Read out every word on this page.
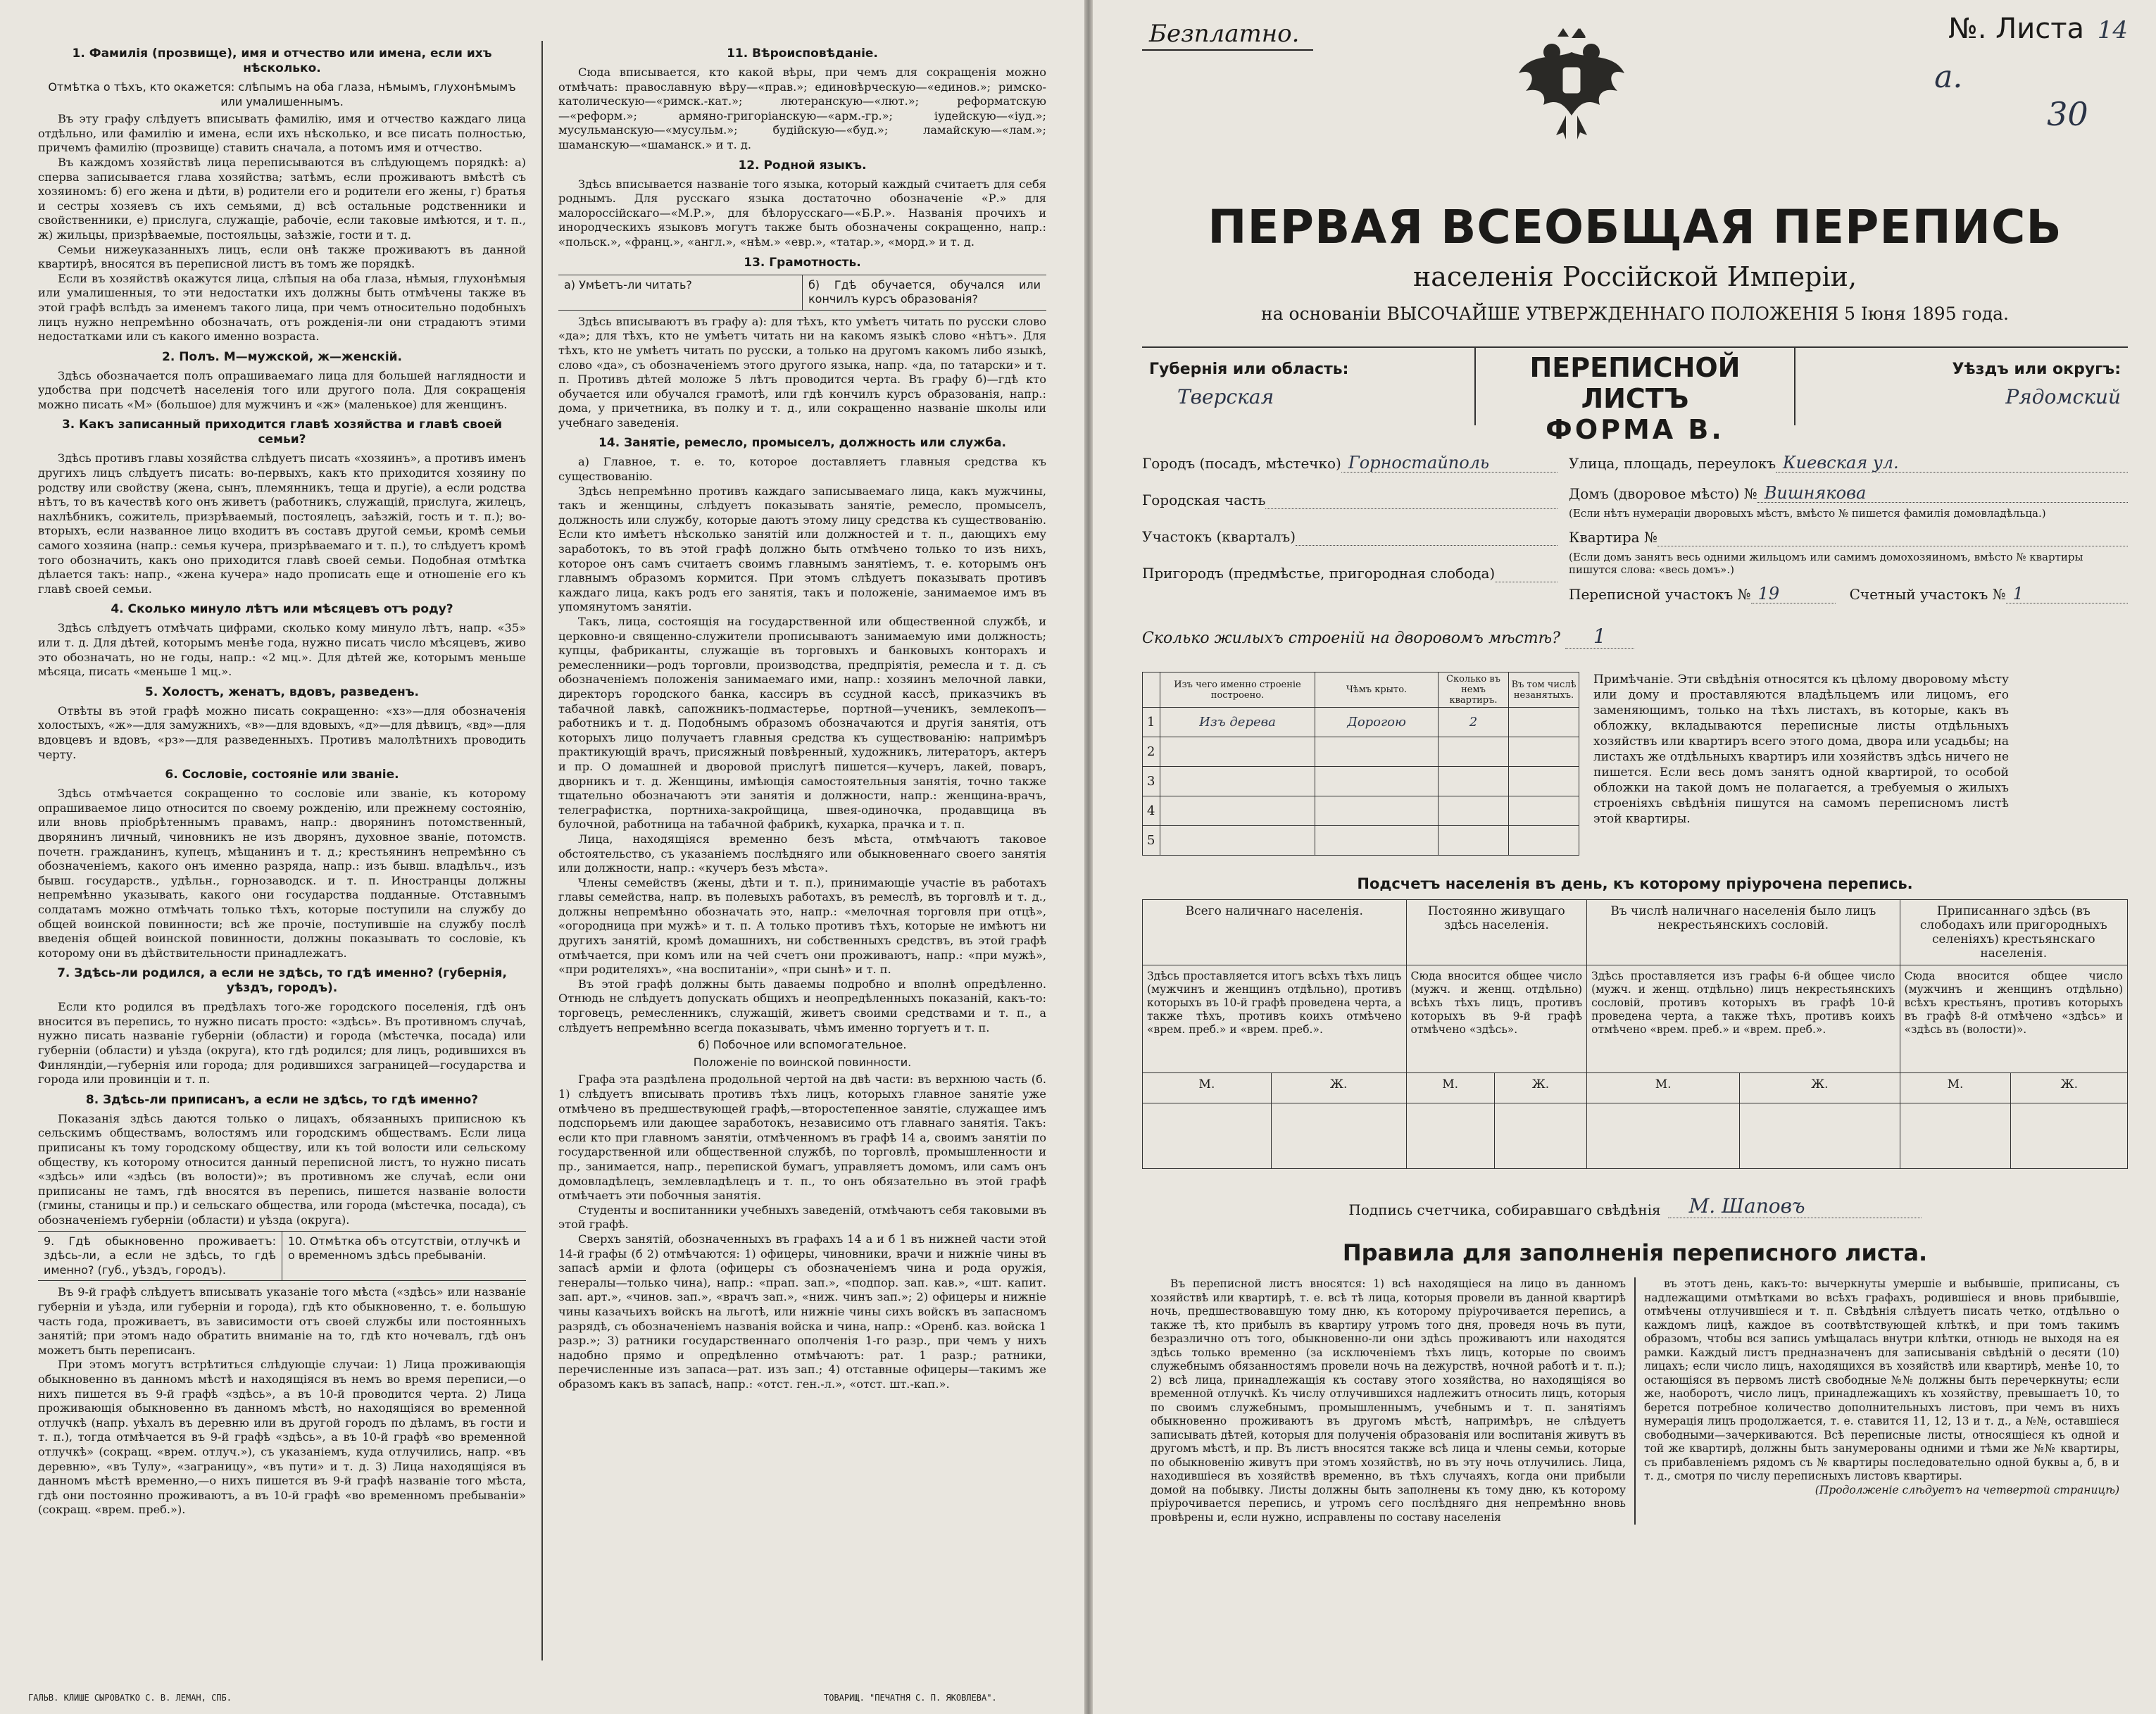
1. Фамилія (прозвище), имя и отчество или имена, если ихъ нѣсколько.
Отмѣтка о тѣхъ, кто окажется: слѣпымъ на оба глаза, нѣмымъ, глухонѣмымъ или умалишеннымъ.

Въ эту графу слѣдуетъ вписывать фамилію, имя и отчество каждаго лица отдѣльно, или фамилію и имена, если ихъ нѣсколько, и все писать полностью, причемъ фамилію (прозвище) ставить сначала, а потомъ имя и отчество.

Въ каждомъ хозяйствѣ лица переписываются въ слѣдующемъ порядкѣ: а) сперва записывается глава хозяйства; затѣмъ, если проживаютъ вмѣстѣ съ хозяиномъ: б) его жена и дѣти, в) родители его и родители его жены, г) братья и сестры хозяевъ съ ихъ семьями, д) всѣ остальные родственники и свойственники, е) прислуга, служащіе, рабочіе, если таковые имѣются, и т. п., ж) жильцы, призрѣваемые, постояльцы, заѣзжіе, гости и т. д.

Семьи нижеуказанныхъ лицъ, если онѣ также проживаютъ въ данной квартирѣ, вносятся въ переписной листъ въ томъ же порядкѣ.

Если въ хозяйствѣ окажутся лица, слѣпыя на оба глаза, нѣмыя, глухонѣмыя или умалишенныя, то эти недостатки ихъ должны быть отмѣчены также въ этой графѣ вслѣдъ за именемъ такого лица, при чемъ относительно подобныхъ лицъ нужно непремѣнно обозначать, отъ рожденія-ли они страдаютъ этими недостатками или съ какого именно возраста.

2. Полъ. М—мужской, ж—женскій.

Здѣсь обозначается полъ опрашиваемаго лица для большей наглядности и удобства при подсчетѣ населенія того или другого пола. Для сокращенія можно писать «М» (большое) для мужчинъ и «ж» (маленькое) для женщинъ.

3. Какъ записанный приходится главѣ хозяйства и главѣ своей семьи?

Здѣсь противъ главы хозяйства слѣдуетъ писать «хозяинъ», а противъ именъ другихъ лицъ слѣдуетъ писать: во-первыхъ, какъ кто приходится хозяину по родству или свойству (жена, сынъ, племянникъ, теща и другіе), а если родства нѣтъ, то въ качествѣ кого онъ живетъ (работникъ, служащій, прислуга, жилецъ, нахлѣбникъ, сожитель, призрѣваемый, постоялецъ, заѣзжій, гость и т. п.); во-вторыхъ, если названное лицо входитъ въ составъ другой семьи, кромѣ семьи самого хозяина (напр.: семья кучера, призрѣваемаго и т. п.), то слѣдуетъ кромѣ того обозначить, какъ оно приходится главѣ своей семьи. Подобная отмѣтка дѣлается такъ: напр., «жена кучера» надо прописать еще и отношеніе его къ главѣ своей семьи.

4. Сколько минуло лѣтъ или мѣсяцевъ отъ роду?

Здѣсь слѣдуетъ отмѣчать цифрами, сколько кому минуло лѣтъ, напр. «35» или т. д. Для дѣтей, которымъ менѣе года, нужно писать число мѣсяцевъ, живо это обозначать, но не годы, напр.: «2 мц.». Для дѣтей же, которымъ меньше мѣсяца, писать «меньше 1 мц.».

5. Холостъ, женатъ, вдовъ, разведенъ.

Отвѣты въ этой графѣ можно писать сокращенно: «хз»—для обозначенія холостыхъ, «ж»—для замужнихъ, «в»—для вдовыхъ, «д»—для дѣвицъ, «вд»—для вдовцевъ и вдовъ, «рз»—для разведенныхъ. Противъ малолѣтнихъ проводить черту.

6. Сословіе, состояніе или званіе.

Здѣсь отмѣчается сокращенно то сословіе или званіе, къ которому опрашиваемое лицо относится по своему рожденію, или прежнему состоянію, или вновь пріобрѣтеннымъ правамъ, напр.: дворянинъ потомственный, дворянинъ личный, чиновникъ не изъ дворянъ, духовное званіе, потомств. почетн. гражданинъ, купецъ, мѣщанинъ и т. д.; крестьянинъ непремѣнно съ обозначеніемъ, какого онъ именно разряда, напр.: изъ бывш. владѣльч., изъ бывш. государств., удѣльн., горнозаводск. и т. п. Иностранцы должны непремѣнно указывать, какого они государства подданные. Отставнымъ солдатамъ можно отмѣчать только тѣхъ, которые поступили на службу до общей воинской повинности; всѣ же прочіе, поступившіе на службу послѣ введенія общей воинской повинности, должны показывать то сословіе, къ которому они въ дѣйствительности принадлежатъ.

7. Здѣсь-ли родился, а если не здѣсь, то гдѣ именно? (губернія, уѣздъ, городъ).

Если кто родился въ предѣлахъ того-же городского поселенія, гдѣ онъ вносится въ перепись, то нужно писать просто: «здѣсь». Въ противномъ случаѣ, нужно писать названіе губерніи (области) и города (мѣстечка, посада) или губерніи (области) и уѣзда (округа), кто гдѣ родился; для лицъ, родившихся въ Финляндіи,—губернія или города; для родившихся заграницей—государства и города или провинціи и т. п.

8. Здѣсь-ли приписанъ, а если не здѣсь, то гдѣ именно?

Показанія здѣсь даются только о лицахъ, обязанныхъ приписною къ сельскимъ обществамъ, волостямъ или городскимъ обществамъ. Если лица приписаны къ тому городскому обществу, или къ той волости или сельскому обществу, къ которому относится данный переписной листъ, то нужно писать «здѣсь» или «здѣсь (въ волости)»; въ противномъ же случаѣ, если они приписаны не тамъ, гдѣ вносятся въ перепись, пишется названіе волости (гмины, станицы и пр.) и сельскаго общества, или города (мѣстечка, посада), съ обозначеніемъ губерніи (области) и уѣзда (округа).

9. Гдѣ обыкновенно проживаетъ: здѣсь-ли, а если не здѣсь, то гдѣ именно? (губ., уѣздъ, городъ).
10. Отмѣтка объ отсутствіи, отлучкѣ и о временномъ здѣсь пребываніи.

Въ 9-й графѣ слѣдуетъ вписывать указаніе того мѣста («здѣсь» или названіе губерніи и уѣзда, или губерніи и города), гдѣ кто обыкновенно, т. е. большую часть года, проживаетъ, въ зависимости отъ своей службы или постоянныхъ занятій; при этомъ надо обратить вниманіе на то, гдѣ кто ночевалъ, гдѣ онъ можетъ быть переписанъ.

При этомъ могутъ встрѣтиться слѣдующіе случаи: 1) Лица проживающія обыкновенно въ данномъ мѣстѣ и находящіяся въ немъ во время переписи,—о нихъ пишется въ 9-й графѣ «здѣсь», а въ 10-й проводится черта. 2) Лица проживающія обыкновенно въ данномъ мѣстѣ, но находящіяся во временной отлучкѣ (напр. уѣхалъ въ деревню или въ другой городъ по дѣламъ, въ гости и т. п.), тогда отмѣчается въ 9-й графѣ «здѣсь», а въ 10-й графѣ «во временной отлучкѣ» (сокращ. «врем. отлуч.»), съ указаніемъ, куда отлучились, напр. «въ деревню», «въ Тулу», «заграницу», «въ пути» и т. д. 3) Лица находящіяся въ данномъ мѣстѣ временно,—о нихъ пишется въ 9-й графѣ названіе того мѣста, гдѣ они постоянно проживаютъ, а въ 10-й графѣ «во временномъ пребываніи» (сокращ. «врем. преб.»).

11. Вѣроисповѣданіе.

Сюда вписывается, кто какой вѣры, при чемъ для сокращенія можно отмѣчать: православную вѣру—«прав.»; единовѣрческую—«единов.»; римско-католическую—«римск.-кат.»; лютеранскую—«лют.»; реформатскую—«реформ.»; армяно-григоріанскую—«арм.-гр.»; іудейскую—«іуд.»; мусульманскую—«мусульм.»; будійскую—«буд.»; ламайскую—«лам.»; шаманскую—«шаманск.» и т. д.

12. Родной языкъ.

Здѣсь вписывается названіе того языка, который каждый считаетъ для себя роднымъ. Для русскаго языка достаточно обозначеніе «Р.» для малороссійскаго—«М.Р.», для бѣлорусскаго—«Б.Р.». Названія прочихъ и инородческихъ языковъ могутъ также быть обозначены сокращенно, напр.: «польск.», «франц.», «англ.», «нѣм.» «евр.», «татар.», «морд.» и т. д.

13. Грамотность.
а) Умѣетъ-ли читать?	б) Гдѣ обучается, обучался или кончилъ курсъ образованія?

Здѣсь вписываютъ въ графу а): для тѣхъ, кто умѣетъ читать по русски слово «да»; для тѣхъ, кто не умѣетъ читать ни на какомъ языкѣ слово «нѣтъ». Для тѣхъ, кто не умѣетъ читать по русски, а только на другомъ какомъ либо языкѣ, слово «да», съ обозначеніемъ этого другого языка, напр. «да, по татарски» и т. п. Противъ дѣтей моложе 5 лѣтъ проводится черта. Въ графу б)—гдѣ кто обучается или обучался грамотѣ, или гдѣ кончилъ курсъ образованія, напр.: дома, у причетника, въ полку и т. д., или сокращенно названіе школы или учебнаго заведенія.

14. Занятіе, ремесло, промыселъ, должность или служба.

а) Главное, т. е. то, которое доставляетъ главныя средства къ существованію.

Здѣсь непремѣнно противъ каждаго записываемаго лица, какъ мужчины, такъ и женщины, слѣдуетъ показывать занятіе, ремесло, промыселъ, должность или службу, которые даютъ этому лицу средства къ существованію. Если кто имѣетъ нѣсколько занятій или должностей и т. п., дающихъ ему заработокъ, то въ этой графѣ должно быть отмѣчено только то изъ нихъ, которое онъ самъ считаетъ своимъ главнымъ занятіемъ, т. е. которымъ онъ главнымъ образомъ кормится. При этомъ слѣдуетъ показывать противъ каждаго лица, какъ родъ его занятія, такъ и положеніе, занимаемое имъ въ упомянутомъ занятіи.

Такъ, лица, состоящія на государственной или общественной службѣ, и церковно-и священно-служители прописываютъ занимаемую ими должность; купцы, фабриканты, служащіе въ торговыхъ и банковыхъ конторахъ и ремесленники—родъ торговли, производства, предпріятія, ремесла и т. д. съ обозначеніемъ положенія занимаемаго ими, напр.: хозяинъ мелочной лавки, директоръ городского банка, кассиръ въ ссудной кассѣ, приказчикъ въ табачной лавкѣ, сапожникъ-подмастерье, портной—ученикъ, землекопъ—работникъ и т. д. Подобнымъ образомъ обозначаются и другія занятія, отъ которыхъ лицо получаетъ главныя средства къ существованію: напримѣръ практикующій врачъ, присяжный повѣренный, художникъ, литераторъ, актеръ и пр. О домашней и дворовой прислугѣ пишется—кучеръ, лакей, поваръ, дворникъ и т. д. Женщины, имѣющія самостоятельныя занятія, точно также тщательно обозначаютъ эти занятія и должности, напр.: женщина-врачъ, телеграфистка, портниха-закройщица, швея-одиночка, продавщица въ булочной, работница на табачной фабрикѣ, кухарка, прачка и т. п.

Лица, находящіяся временно безъ мѣста, отмѣчаютъ таковое обстоятельство, съ указаніемъ послѣдняго или обыкновеннаго своего занятія или должности, напр.: «кучеръ безъ мѣста».

Члены семействъ (жены, дѣти и т. п.), принимающіе участіе въ работахъ главы семейства, напр. въ полевыхъ работахъ, въ ремеслѣ, въ торговлѣ и т. д., должны непремѣнно обозначать это, напр.: «мелочная торговля при отцѣ», «огородница при мужѣ» и т. п. А только противъ тѣхъ, которые не имѣютъ ни другихъ занятій, кромѣ домашнихъ, ни собственныхъ средствъ, въ этой графѣ отмѣчается, при комъ или на чей счетъ они проживаютъ, напр.: «при мужѣ», «при родителяхъ», «на воспитаніи», «при сынѣ» и т. п.

Въ этой графѣ должны быть даваемы подробно и вполнѣ опредѣленно. Отнюдь не слѣдуетъ допускать общихъ и неопредѣленныхъ показаній, какъ-то: торговецъ, ремесленникъ, служащій, живетъ своими средствами и т. п., а слѣдуетъ непремѣнно всегда показывать, чѣмъ именно торгуетъ и т. п.

б) Побочное или вспомогательное.
Положеніе по воинской повинности.

Графа эта раздѣлена продольной чертой на двѣ части: въ верхнюю часть (б. 1) слѣдуетъ вписывать противъ тѣхъ лицъ, которыхъ главное занятіе уже отмѣчено въ предшествующей графѣ,—второстепенное занятіе, служащее имъ подспорьемъ или дающее заработокъ, независимо отъ главнаго занятія. Такъ: если кто при главномъ занятіи, отмѣченномъ въ графѣ 14 а, своимъ занятіи по государственной или общественной службѣ, по торговлѣ, промышленности и пр., занимается, напр., перепиской бумагъ, управляетъ домомъ, или самъ онъ домовладѣлецъ, землевладѣлецъ и т. п., то онъ обязательно въ этой графѣ отмѣчаетъ эти побочныя занятія.

Студенты и воспитанники учебныхъ заведеній, отмѣчаютъ себя таковыми въ этой графѣ.

Сверхъ занятій, обозначенныхъ въ графахъ 14 а и б 1 въ нижней части этой 14-й графы (б 2) отмѣчаются: 1) офицеры, чиновники, врачи и нижніе чины въ запасѣ арміи и флота (офицеры съ обозначеніемъ чина и рода оружія, генералы—только чина), напр.: «прап. зап.», «подпор. зап. кав.», «шт. капит. зап. арт.», «чинов. зап.», «врачъ зап.», «ниж. чинъ зап.»; 2) офицеры и нижніе чины казачьихъ войскъ на льготѣ, или нижніе чины сихъ войскъ въ запасномъ разрядѣ, съ обозначеніемъ названія войска и чина, напр.: «Оренб. каз. войска 1 разр.»; 3) ратники государственнаго ополченія 1-го разр., при чемъ у нихъ надобно прямо и опредѣленно отмѣчаютъ: рат. 1 разр.; ратники, перечисленные изъ запаса—рат. изъ зап.; 4) отставные офицеры—такимъ же образомъ какъ въ запасѣ, напр.: «отст. ген.-л.», «отст. шт.-кап.».

ГАЛЬВ. КЛИШЕ СЫРОВАТКО С. В. ЛЕМАН, СПБ.	ТОВАРИЩ. "ПЕЧАТНЯ С. П. ЯКОВЛЕВА".
Безплатно.	№. Листа 14
а.
30
ПЕРВАЯ ВСЕОБЩАЯ ПЕРЕПИСЬ
населенія Россійской Имперіи,
на основаніи ВЫСОЧАЙШЕ УТВЕРЖДЕННАГО ПОЛОЖЕНІЯ 5 Іюня 1895 года.
Губернія или область:
Тверская
ПЕРЕПИСНОЙ ЛИСТЪ
ФОРМА В.
Уѣздъ или округъ:
Рядомский
Городъ (посадъ, мѣстечко) Горностайполь
Городская часть
Участокъ (кварталъ)
Пригородъ (предмѣстье, пригородная слобода)
Улица, площадь, переулокъ Киевская ул.
Домъ (дворовое мѣсто) № Вишнякова
(Если нѣтъ нумераціи дворовыхъ мѣстъ, вмѣсто № пишется фамилія домовладѣльца.)
Квартира №
(Если домъ занятъ весь одними жильцомъ или самимъ домохозяиномъ, вмѣсто № квартиры пишутся слова: «весь домъ».)
Переписной участокъ № 19	Счетный участокъ № 1
Сколько жилыхъ строеній на дворовомъ мѣстѣ? 1
	Изъ чего именно строеніе построено.	Чѣмъ крыто.	Сколько въ немъ квартиръ.	Въ том числѣ незанятыхъ.
1	Изъ дерева	Дорогою	2	
2				
3				
4				
5				
Примѣчаніе. Эти свѣдѣнія относятся къ цѣлому дворовому мѣсту или дому и проставляются владѣльцемъ или лицомъ, его заменяющимъ, только на тѣхъ листахъ, въ которые, какъ въ обложку, вкладываются переписные листы отдѣльныхъ хозяйствъ или квартиръ всего этого дома, двора или усадьбы; на листахъ же отдѣльныхъ квартиръ или хозяйствъ здѣсь ничего не пишется. Если весь домъ занятъ одной квартирой, то особой обложки на такой домъ не полагается, а требуемыя о жилыхъ строеніяхъ свѣдѣнія пишутся на самомъ переписномъ листѣ этой квартиры.
Подсчетъ населенія въ день, къ которому пріурочена перепись.
Всего наличнаго населенія.		Постоянно живущаго здѣсь населенія.		Въ числѣ наличнаго населенія было лицъ некрестьянскихъ сословій.		Приписаннаго здѣсь (въ слободахъ или пригородныхъ селеніяхъ) крестьянскаго населенія.	
Здѣсь проставляется итогъ всѣхъ тѣхъ лицъ (мужчинъ и женщинъ отдѣльно), противъ которыхъ въ 10-й графѣ проведена черта, а также тѣхъ, противъ коихъ отмѣчено «врем. преб.» и «врем. преб.».		Сюда вносится общее число (мужч. и женщ. отдѣльно) всѣхъ тѣхъ лицъ, противъ которыхъ въ 9-й графѣ отмѣчено «здѣсь».		Здѣсь проставляется изъ графы 6-й общее число (мужч. и женщ. отдѣльно) лицъ некрестьянскихъ сословій, противъ которыхъ въ графѣ 10-й проведена черта, а также тѣхъ, противъ коихъ отмѣчено «врем. преб.» и «врем. преб.».		Сюда вносится общее число (мужчинъ и женщинъ отдѣльно) всѣхъ крестьянъ, противъ которыхъ въ графѣ 8-й отмѣчено «здѣсь» и «здѣсь въ (волости)».	
М.	Ж.	М.	Ж.	М.	Ж.	М.	Ж.

Подпись счетчика, собиравшаго свѣдѣнія	М. Шаповъ
Правила для заполненія переписного листа.

Въ переписной листъ вносятся: 1) всѣ находящіеся на лицо въ данномъ хозяйствѣ или квартирѣ, т. е. всѣ тѣ лица, которыя провели въ данной квартирѣ ночь, предшествовавшую тому дню, къ которому пріурочивается перепись, а также тѣ, кто прибылъ въ квартиру утромъ того дня, проведя ночь въ пути, безразлично отъ того, обыкновенно-ли они здѣсь проживаютъ или находятся здѣсь только временно (за исключеніемъ тѣхъ лицъ, которые по своимъ служебнымъ обязанностямъ провели ночь на дежурствѣ, ночной работѣ и т. п.); 2) всѣ лица, принадлежащія къ составу этого хозяйства, но находящіяся во временной отлучкѣ. Къ числу отлучившихся надлежитъ относить лицъ, которыя по своимъ служебнымъ, промышленнымъ, учебнымъ и т. п. занятіямъ обыкновенно проживаютъ въ другомъ мѣстѣ, напримѣръ, не слѣдуетъ записывать дѣтей, которыя для полученія образованія или воспитанія живутъ въ другомъ мѣстѣ, и пр. Въ листъ вносятся также всѣ лица и члены семьи, которые по обыкновенію живутъ при этомъ хозяйствѣ, но въ эту ночь отлучились. Лица, находившіеся въ хозяйствѣ временно, въ тѣхъ случаяхъ, когда они прибыли домой на побывку. Листы должны быть заполнены къ тому дню, къ которому пріурочивается перепись, и утромъ сего послѣдняго дня непремѣнно вновь провѣрены и, если нужно, исправлены по составу населенія

въ этотъ день, какъ-то: вычеркнуты умершіе и выбывшіе, приписаны, съ надлежащими отмѣтками во всѣхъ графахъ, родившіеся и вновь прибывшіе, отмѣчены отлучившіеся и т. п. Свѣдѣнія слѣдуетъ писать четко, отдѣльно о каждомъ лицѣ, каждое въ соотвѣтствующей клѣткѣ, и при томъ такимъ образомъ, чтобы вся запись умѣщалась внутри клѣтки, отнюдь не выходя на ея рамки. Каждый листъ предназначенъ для записыванія свѣдѣній о десяти (10) лицахъ; если число лицъ, находящихся въ хозяйствѣ или квартирѣ, менѣе 10, то остающіяся въ первомъ листѣ свободные №№ должны быть перечеркнуты; если же, наоборотъ, число лицъ, принадлежащихъ къ хозяйству, превышаетъ 10, то берется потребное количество дополнительныхъ листовъ, при чемъ въ нихъ нумерація лицъ продолжается, т. е. ставится 11, 12, 13 и т. д., а №№, оставшіеся свободными—зачеркиваются. Всѣ переписные листы, относящіеся къ одной и той же квартирѣ, должны быть занумерованы одними и тѣми же №№ квартиры, съ прибавленіемъ рядомъ съ № квартиры последовательно одной буквы а, б, в и т. д., смотря по числу переписныхъ листовъ квартиры.

(Продолженіе слѣдуетъ на четвертой страницѣ)
